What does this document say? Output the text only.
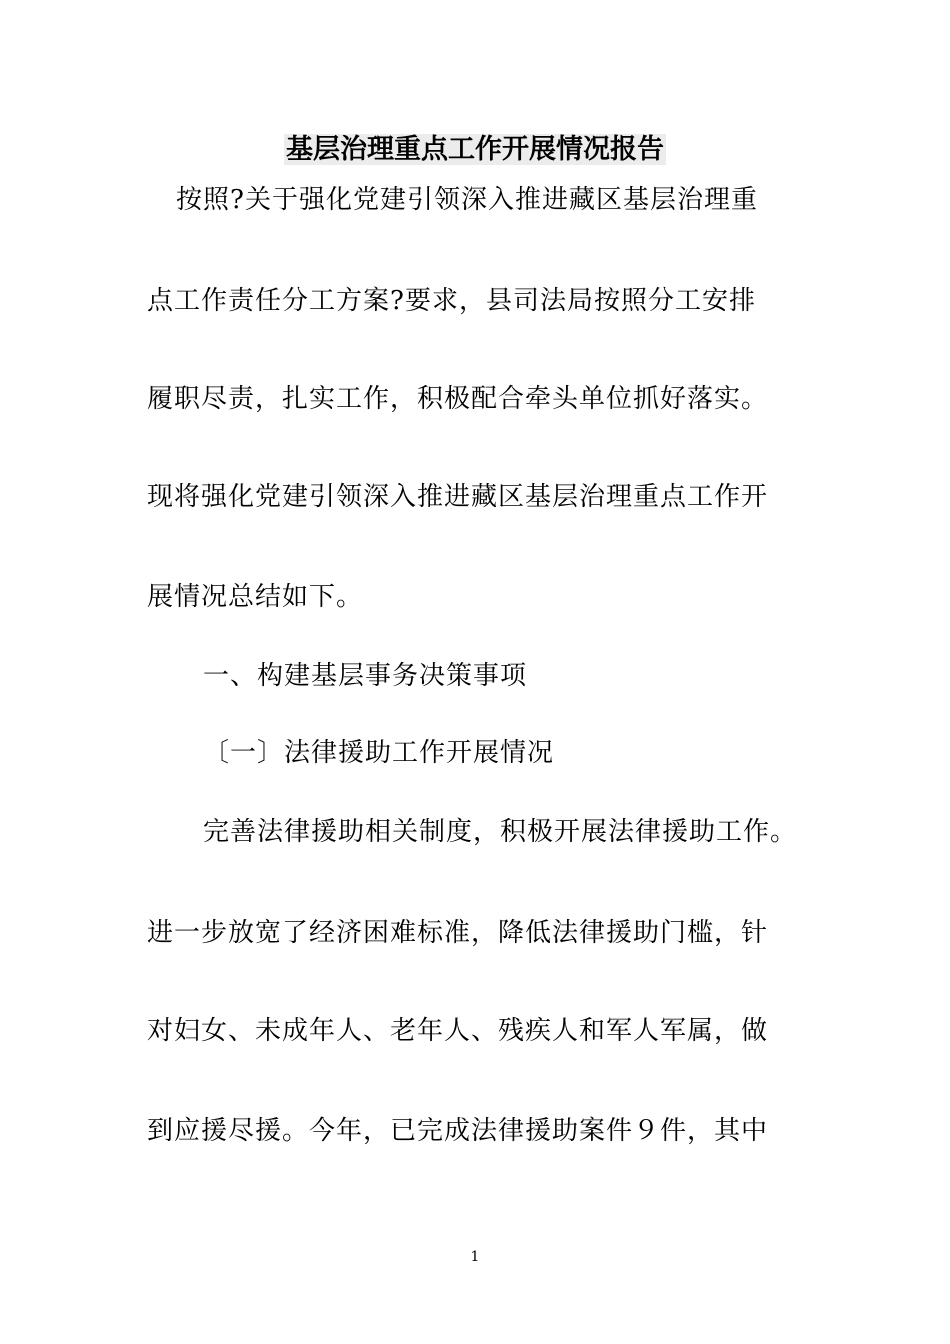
基层治理重点工作开展情况报告
按照?关于强化党建引领深入推进藏区基层治理重
点工作责任分工方案?要求，县司法局按照分工安排
履职尽责，扎实工作，积极配合牵头单位抓好落实。
现将强化党建引领深入推进藏区基层治理重点工作开
展情况总结如下。
一、构建基层事务决策事项
〔一〕法律援助工作开展情况
完善法律援助相关制度，积极开展法律援助工作。
进一步放宽了经济困难标准，降低法律援助门槛，针
对妇女、未成年人、老年人、残疾人和军人军属，做
到应援尽援。今年，已完成法律援助案件９件，其中
1
